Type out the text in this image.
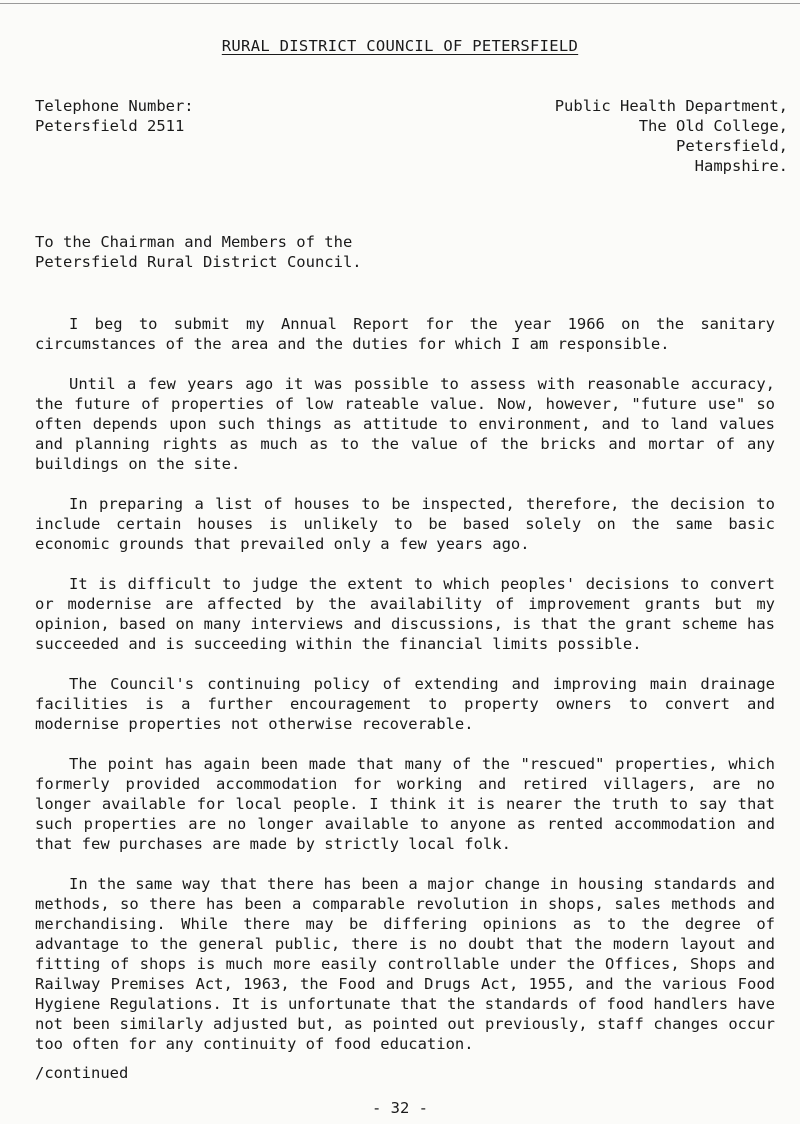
RURAL DISTRICT COUNCIL OF PETERSFIELD
Telephone Number:
Petersfield 2511
Public Health Department,
The Old College,
Petersfield,
Hampshire.
To the Chairman and Members of the
Petersfield Rural District Council.

I beg to submit my Annual Report for the year 1966 on the sanitary circumstances of the area and the duties for which I am responsible.

Until a few years ago it was possible to assess with reasonable accuracy, the future of properties of low rateable value. Now, however, "future use" so often depends upon such things as attitude to environment, and to land values and planning rights as much as to the value of the bricks and mortar of any buildings on the site.

In preparing a list of houses to be inspected, therefore, the decision to include certain houses is unlikely to be based solely on the same basic economic grounds that prevailed only a few years ago.

It is difficult to judge the extent to which peoples' decisions to convert or modernise are affected by the availability of improvement grants but my opinion, based on many interviews and discussions, is that the grant scheme has succeeded and is succeeding within the financial limits possible.

The Council's continuing policy of extending and improving main drainage facilities is a further encouragement to property owners to convert and modernise properties not otherwise recoverable.

The point has again been made that many of the "rescued" properties, which formerly provided accommodation for working and retired villagers, are no longer available for local people. I think it is nearer the truth to say that such properties are no longer available to anyone as rented accommodation and that few purchases are made by strictly local folk.

In the same way that there has been a major change in housing standards and methods, so there has been a comparable revolution in shops, sales methods and merchandising. While there may be differing opinions as to the degree of advantage to the general public, there is no doubt that the modern layout and fitting of shops is much more easily controllable under the Offices, Shops and Railway Premises Act, 1963, the Food and Drugs Act, 1955, and the various Food Hygiene Regulations. It is unfortunate that the standards of food handlers have not been similarly adjusted but, as pointed out previously, staff changes occur too often for any continuity of food education.

/continued
- 32 -
